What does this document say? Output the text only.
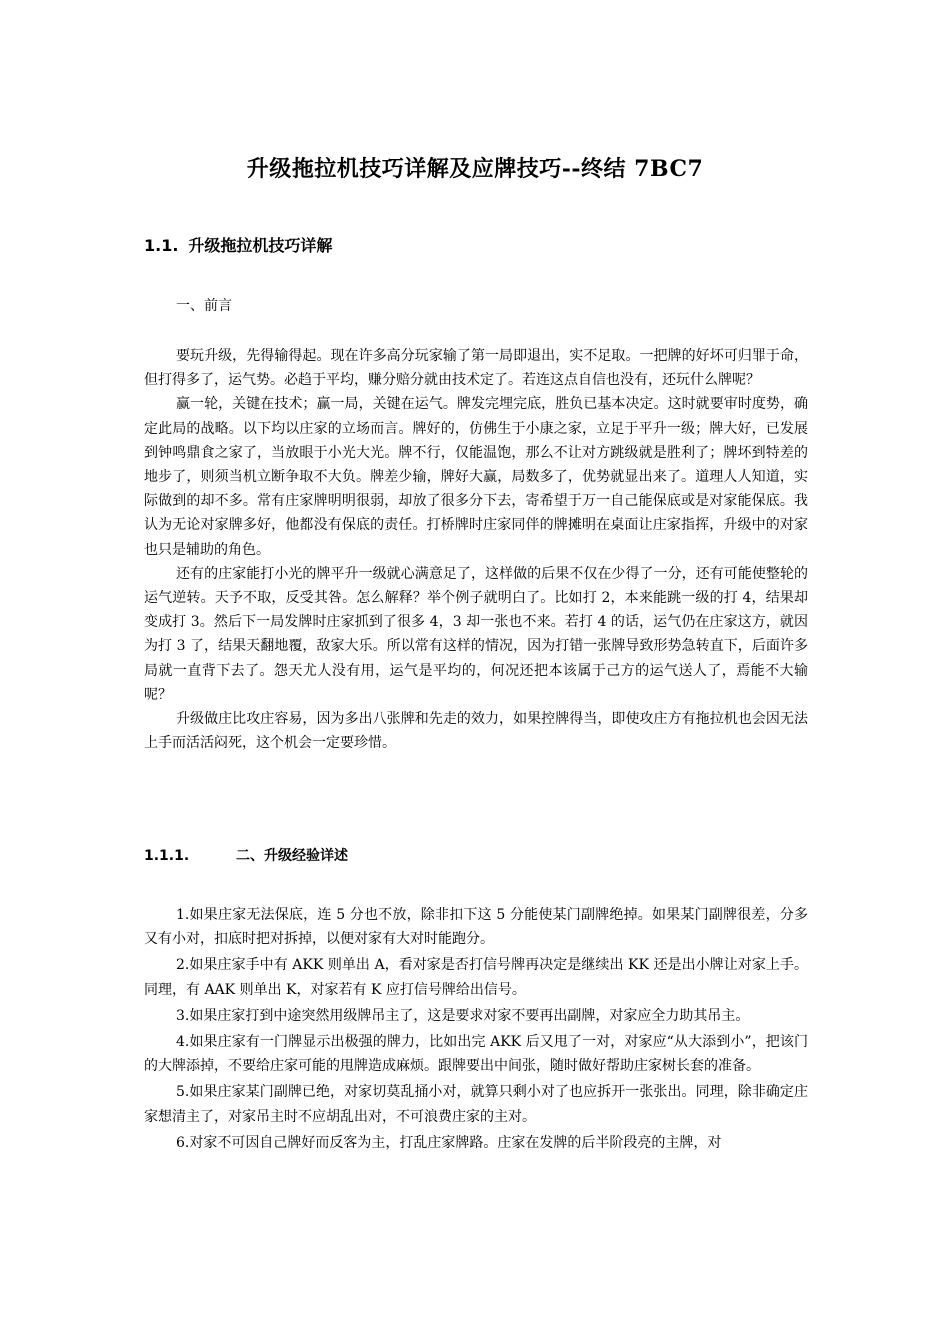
升级拖拉机技巧详解及应牌技巧--终结 7BC7
1.1. 升级拖拉机技巧详解
一、前言

要玩升级，先得输得起。现在许多高分玩家输了第一局即退出，实不足取。一把牌的好坏可归罪于命，但打得多了，运气势。必趋于平均，赚分赔分就由技术定了。若连这点自信也没有，还玩什么牌呢？

赢一轮，关键在技术；赢一局，关键在运气。牌发完埋完底，胜负已基本决定。这时就要审时度势，确定此局的战略。以下均以庄家的立场而言。牌好的，仿佛生于小康之家，立足于平升一级；牌大好，已发展到钟鸣鼎食之家了，当放眼于小光大光。牌不行，仅能温饱，那么不让对方跳级就是胜利了；牌坏到特差的地步了，则须当机立断争取不大负。牌差少输，牌好大赢，局数多了，优势就显出来了。道理人人知道，实际做到的却不多。常有庄家牌明明很弱，却放了很多分下去，寄希望于万一自己能保底或是对家能保底。我认为无论对家牌多好，他都没有保底的责任。打桥牌时庄家同伴的牌摊明在桌面让庄家指挥，升级中的对家也只是辅助的角色。

还有的庄家能打小光的牌平升一级就心满意足了，这样做的后果不仅在少得了一分，还有可能使整轮的运气逆转。天予不取，反受其咎。怎么解释？举个例子就明白了。比如打 2，本来能跳一级的打 4，结果却变成打 3。然后下一局发牌时庄家抓到了很多 4，3 却一张也不来。若打 4 的话，运气仍在庄家这方，就因为打 3 了，结果天翻地覆，敌家大乐。所以常有这样的情况，因为打错一张牌导致形势急转直下，后面许多局就一直背下去了。怨天尤人没有用，运气是平均的，何况还把本该属于己方的运气送人了，焉能不大输呢？

升级做庄比攻庄容易，因为多出八张牌和先走的效力，如果控牌得当，即使攻庄方有拖拉机也会因无法上手而活活闷死，这个机会一定要珍惜。

1.1.1.	二、升级经验详述

1.如果庄家无法保底，连 5 分也不放，除非扣下这 5 分能使某门副牌绝掉。如果某门副牌很差，分多又有小对，扣底时把对拆掉，以便对家有大对时能跑分。

2.如果庄家手中有 AKK 则单出 A，看对家是否打信号牌再决定是继续出 KK 还是出小牌让对家上手。同理，有 AAK 则单出 K，对家若有 K 应打信号牌给出信号。

3.如果庄家打到中途突然用级牌吊主了，这是要求对家不要再出副牌，对家应全力助其吊主。

4.如果庄家有一门牌显示出极强的牌力，比如出完 AKK 后又甩了一对，对家应“从大添到小”，把该门的大牌添掉，不要给庄家可能的甩牌造成麻烦。跟牌要出中间张，随时做好帮助庄家树长套的准备。

5.如果庄家某门副牌已绝，对家切莫乱捅小对，就算只剩小对了也应拆开一张张出。同理，除非确定庄家想清主了，对家吊主时不应胡乱出对，不可浪费庄家的主对。

6.对家不可因自己牌好而反客为主，打乱庄家牌路。庄家在发牌的后半阶段亮的主牌，对
